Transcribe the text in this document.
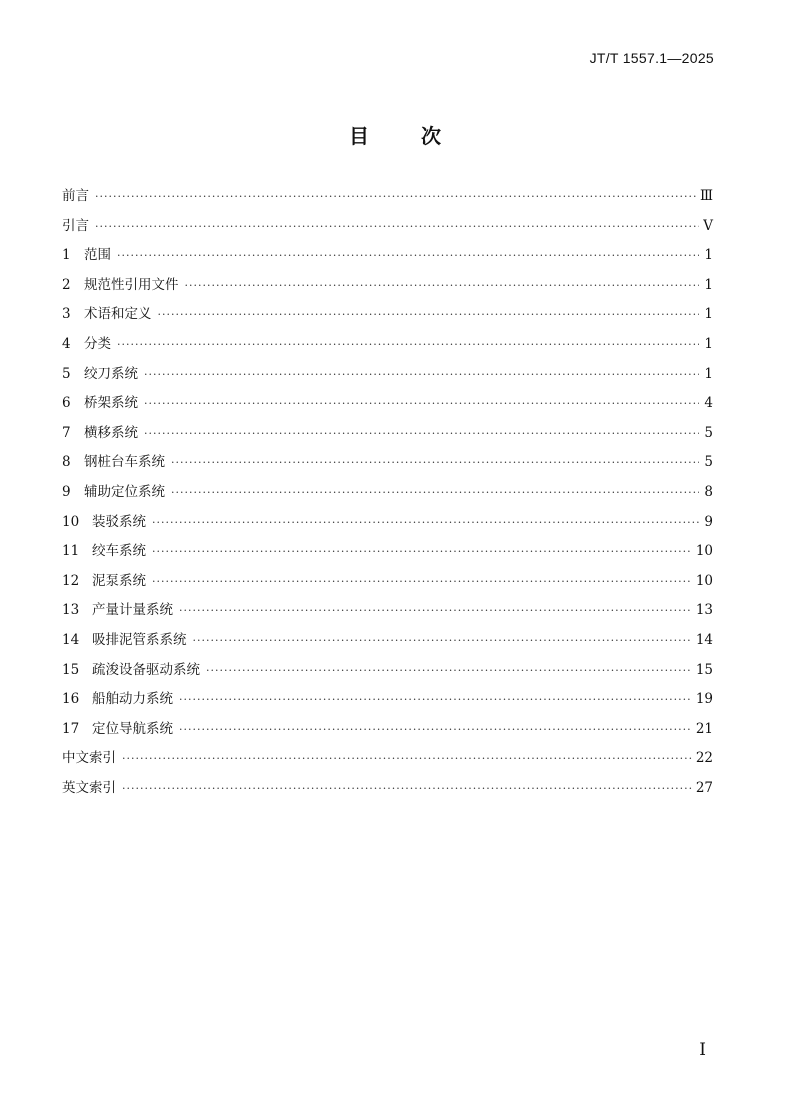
JT/T 1557.1—2025
目	次
前言 ·····	Ⅲ
引言 ·····	Ⅴ
1 范围 ·····	1
2 规范性引用文件 ·····	1
3 术语和定义 ·····	1
4 分类 ·····	1
5 绞刀系统 ·····	1
6 桥架系统 ·····	4
7 横移系统 ·····	5
8 钢桩台车系统 ·····	5
9 辅助定位系统 ·····	8
10 装驳系统 ·····	9
11 绞车系统 ·····	10
12 泥泵系统 ·····	10
13 产量计量系统 ·····	13
14 吸排泥管系系统 ·····	14
15 疏浚设备驱动系统 ·····	15
16 船舶动力系统 ·····	19
17 定位导航系统 ·····	21
中文索引 ·····	22
英文索引 ·····	27
I
